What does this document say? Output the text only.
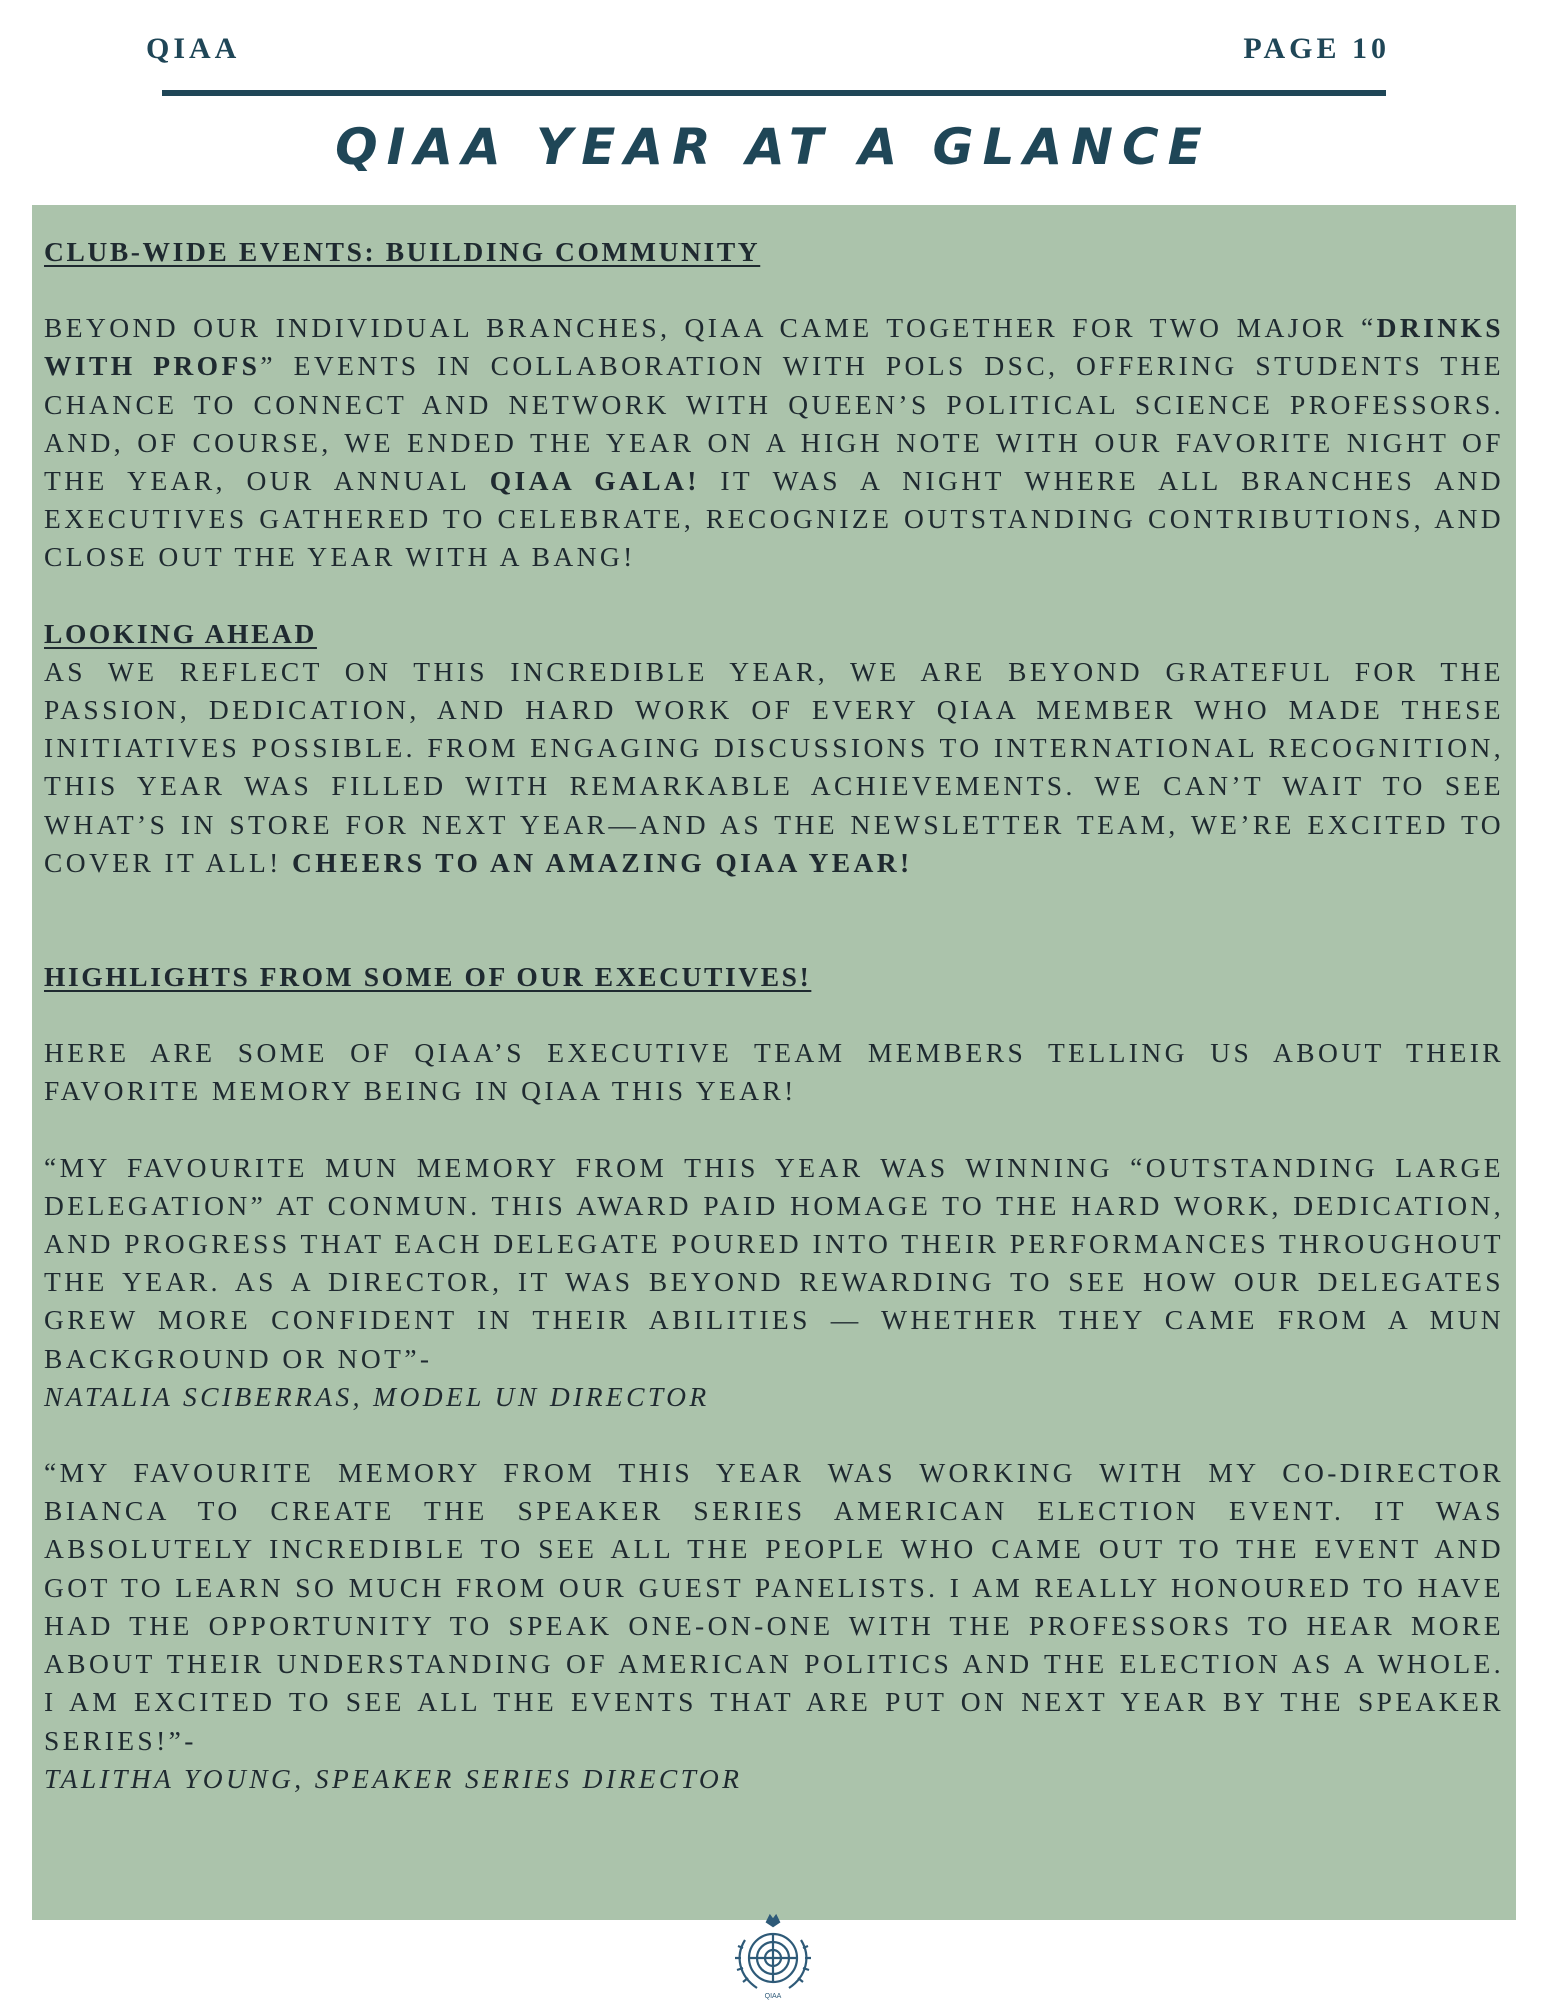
QIAA	PAGE 10
QIAA YEAR AT A GLANCE
CLUB-WIDE EVENTS: BUILDING COMMUNITY

BEYOND OUR INDIVIDUAL BRANCHES, QIAA CAME TOGETHER FOR TWO MAJOR “DRINKS WITH PROFS” EVENTS IN COLLABORATION WITH POLS DSC, OFFERING STUDENTS THE CHANCE TO CONNECT AND NETWORK WITH QUEEN’S POLITICAL SCIENCE PROFESSORS. AND, OF COURSE, WE ENDED THE YEAR ON A HIGH NOTE WITH OUR FAVORITE NIGHT OF THE YEAR, OUR ANNUAL QIAA GALA! IT WAS A NIGHT WHERE ALL BRANCHES AND EXECUTIVES GATHERED TO CELEBRATE, RECOGNIZE OUTSTANDING CONTRIBUTIONS, AND CLOSE OUT THE YEAR WITH A BANG!

LOOKING AHEAD

AS WE REFLECT ON THIS INCREDIBLE YEAR, WE ARE BEYOND GRATEFUL FOR THE PASSION, DEDICATION, AND HARD WORK OF EVERY QIAA MEMBER WHO MADE THESE INITIATIVES POSSIBLE. FROM ENGAGING DISCUSSIONS TO INTERNATIONAL RECOGNITION, THIS YEAR WAS FILLED WITH REMARKABLE ACHIEVEMENTS. WE CAN’T WAIT TO SEE WHAT’S IN STORE FOR NEXT YEAR—AND AS THE NEWSLETTER TEAM, WE’RE EXCITED TO COVER IT ALL! CHEERS TO AN AMAZING QIAA YEAR!

HIGHLIGHTS FROM SOME OF OUR EXECUTIVES!

HERE ARE SOME OF QIAA’S EXECUTIVE TEAM MEMBERS TELLING US ABOUT THEIR FAVORITE MEMORY BEING IN QIAA THIS YEAR!

“MY FAVOURITE MUN MEMORY FROM THIS YEAR WAS WINNING “OUTSTANDING LARGE DELEGATION” AT CONMUN. THIS AWARD PAID HOMAGE TO THE HARD WORK, DEDICATION, AND PROGRESS THAT EACH DELEGATE POURED INTO THEIR PERFORMANCES THROUGHOUT THE YEAR. AS A DIRECTOR, IT WAS BEYOND REWARDING TO SEE HOW OUR DELEGATES GREW MORE CONFIDENT IN THEIR ABILITIES — WHETHER THEY CAME FROM A MUN BACKGROUND OR NOT”-
NATALIA SCIBERRAS, MODEL UN DIRECTOR

“MY FAVOURITE MEMORY FROM THIS YEAR WAS WORKING WITH MY CO-DIRECTOR BIANCA TO CREATE THE SPEAKER SERIES AMERICAN ELECTION EVENT. IT WAS ABSOLUTELY INCREDIBLE TO SEE ALL THE PEOPLE WHO CAME OUT TO THE EVENT AND GOT TO LEARN SO MUCH FROM OUR GUEST PANELISTS. I AM REALLY HONOURED TO HAVE HAD THE OPPORTUNITY TO SPEAK ONE-ON-ONE WITH THE PROFESSORS TO HEAR MORE ABOUT THEIR UNDERSTANDING OF AMERICAN POLITICS AND THE ELECTION AS A WHOLE. I AM EXCITED TO SEE ALL THE EVENTS THAT ARE PUT ON NEXT YEAR BY THE SPEAKER SERIES!”-
TALITHA YOUNG, SPEAKER SERIES DIRECTOR

QIAA
